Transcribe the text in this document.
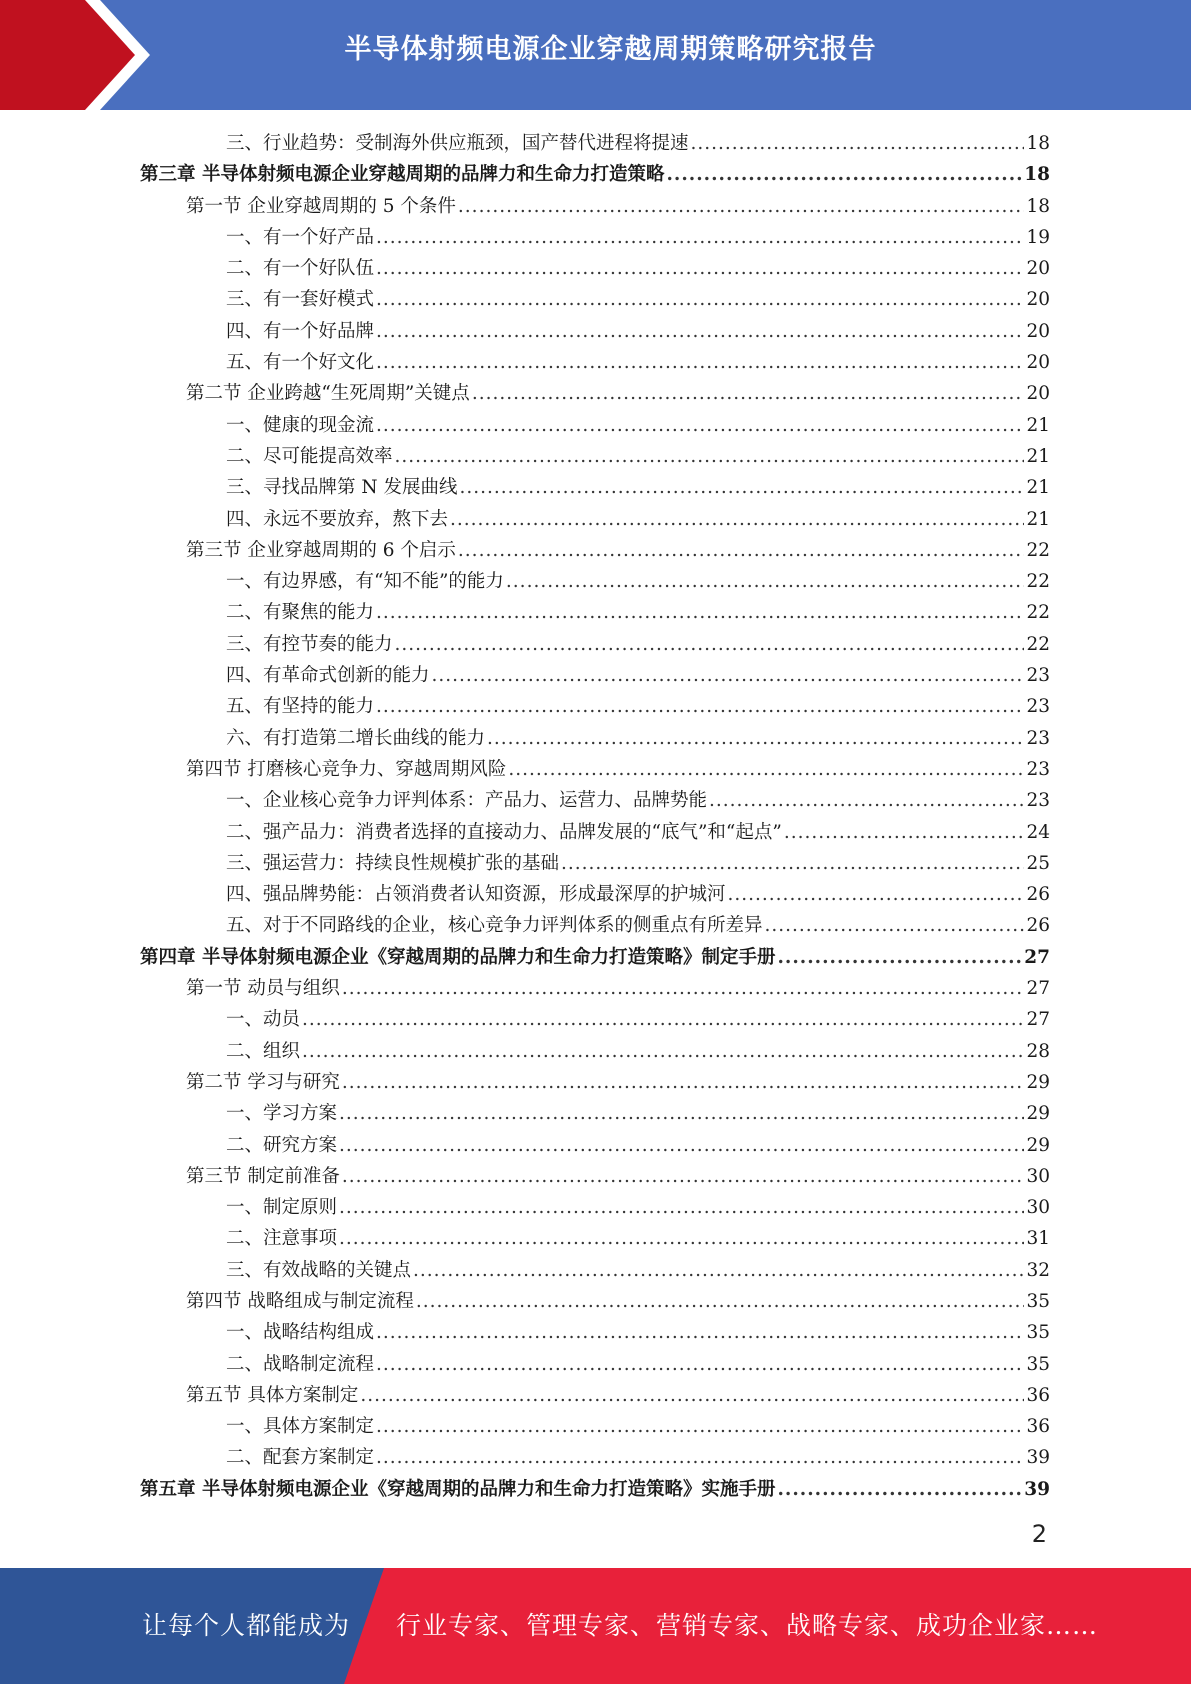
半导体射频电源企业穿越周期策略研究报告
三、行业趋势：受制海外供应瓶颈，国产替代进程将提速 .....	18
第三章 半导体射频电源企业穿越周期的品牌力和生命力打造策略 .....	18
第一节 企业穿越周期的 5 个条件 .....	18
一、有一个好产品 .....	19
二、有一个好队伍 .....	20
三、有一套好模式 .....	20
四、有一个好品牌 .....	20
五、有一个好文化 .....	20
第二节 企业跨越“生死周期”关键点 .....	20
一、健康的现金流 .....	21
二、尽可能提高效率 .....	21
三、寻找品牌第 N 发展曲线 .....	21
四、永远不要放弃，熬下去 .....	21
第三节 企业穿越周期的 6 个启示 .....	22
一、有边界感，有“知不能”的能力 .....	22
二、有聚焦的能力 .....	22
三、有控节奏的能力 .....	22
四、有革命式创新的能力 .....	23
五、有坚持的能力 .....	23
六、有打造第二增长曲线的能力 .....	23
第四节 打磨核心竞争力、穿越周期风险 .....	23
一、企业核心竞争力评判体系：产品力、运营力、品牌势能 .....	23
二、强产品力：消费者选择的直接动力、品牌发展的“底气”和“起点” .....	24
三、强运营力：持续良性规模扩张的基础 .....	25
四、强品牌势能：占领消费者认知资源，形成最深厚的护城河 .....	26
五、对于不同路线的企业，核心竞争力评判体系的侧重点有所差异 .....	26
第四章 半导体射频电源企业《穿越周期的品牌力和生命力打造策略》制定手册 .....	27
第一节 动员与组织 .....	27
一、动员 .....	27
二、组织 .....	28
第二节 学习与研究 .....	29
一、学习方案 .....	29
二、研究方案 .....	29
第三节 制定前准备 .....	30
一、制定原则 .....	30
二、注意事项 .....	31
三、有效战略的关键点 .....	32
第四节 战略组成与制定流程 .....	35
一、战略结构组成 .....	35
二、战略制定流程 .....	35
第五节 具体方案制定 .....	36
一、具体方案制定 .....	36
二、配套方案制定 .....	39
第五章 半导体射频电源企业《穿越周期的品牌力和生命力打造策略》实施手册 .....	39
2
让每个人都能成为 行业专家、管理专家、营销专家、战略专家、成功企业家……
